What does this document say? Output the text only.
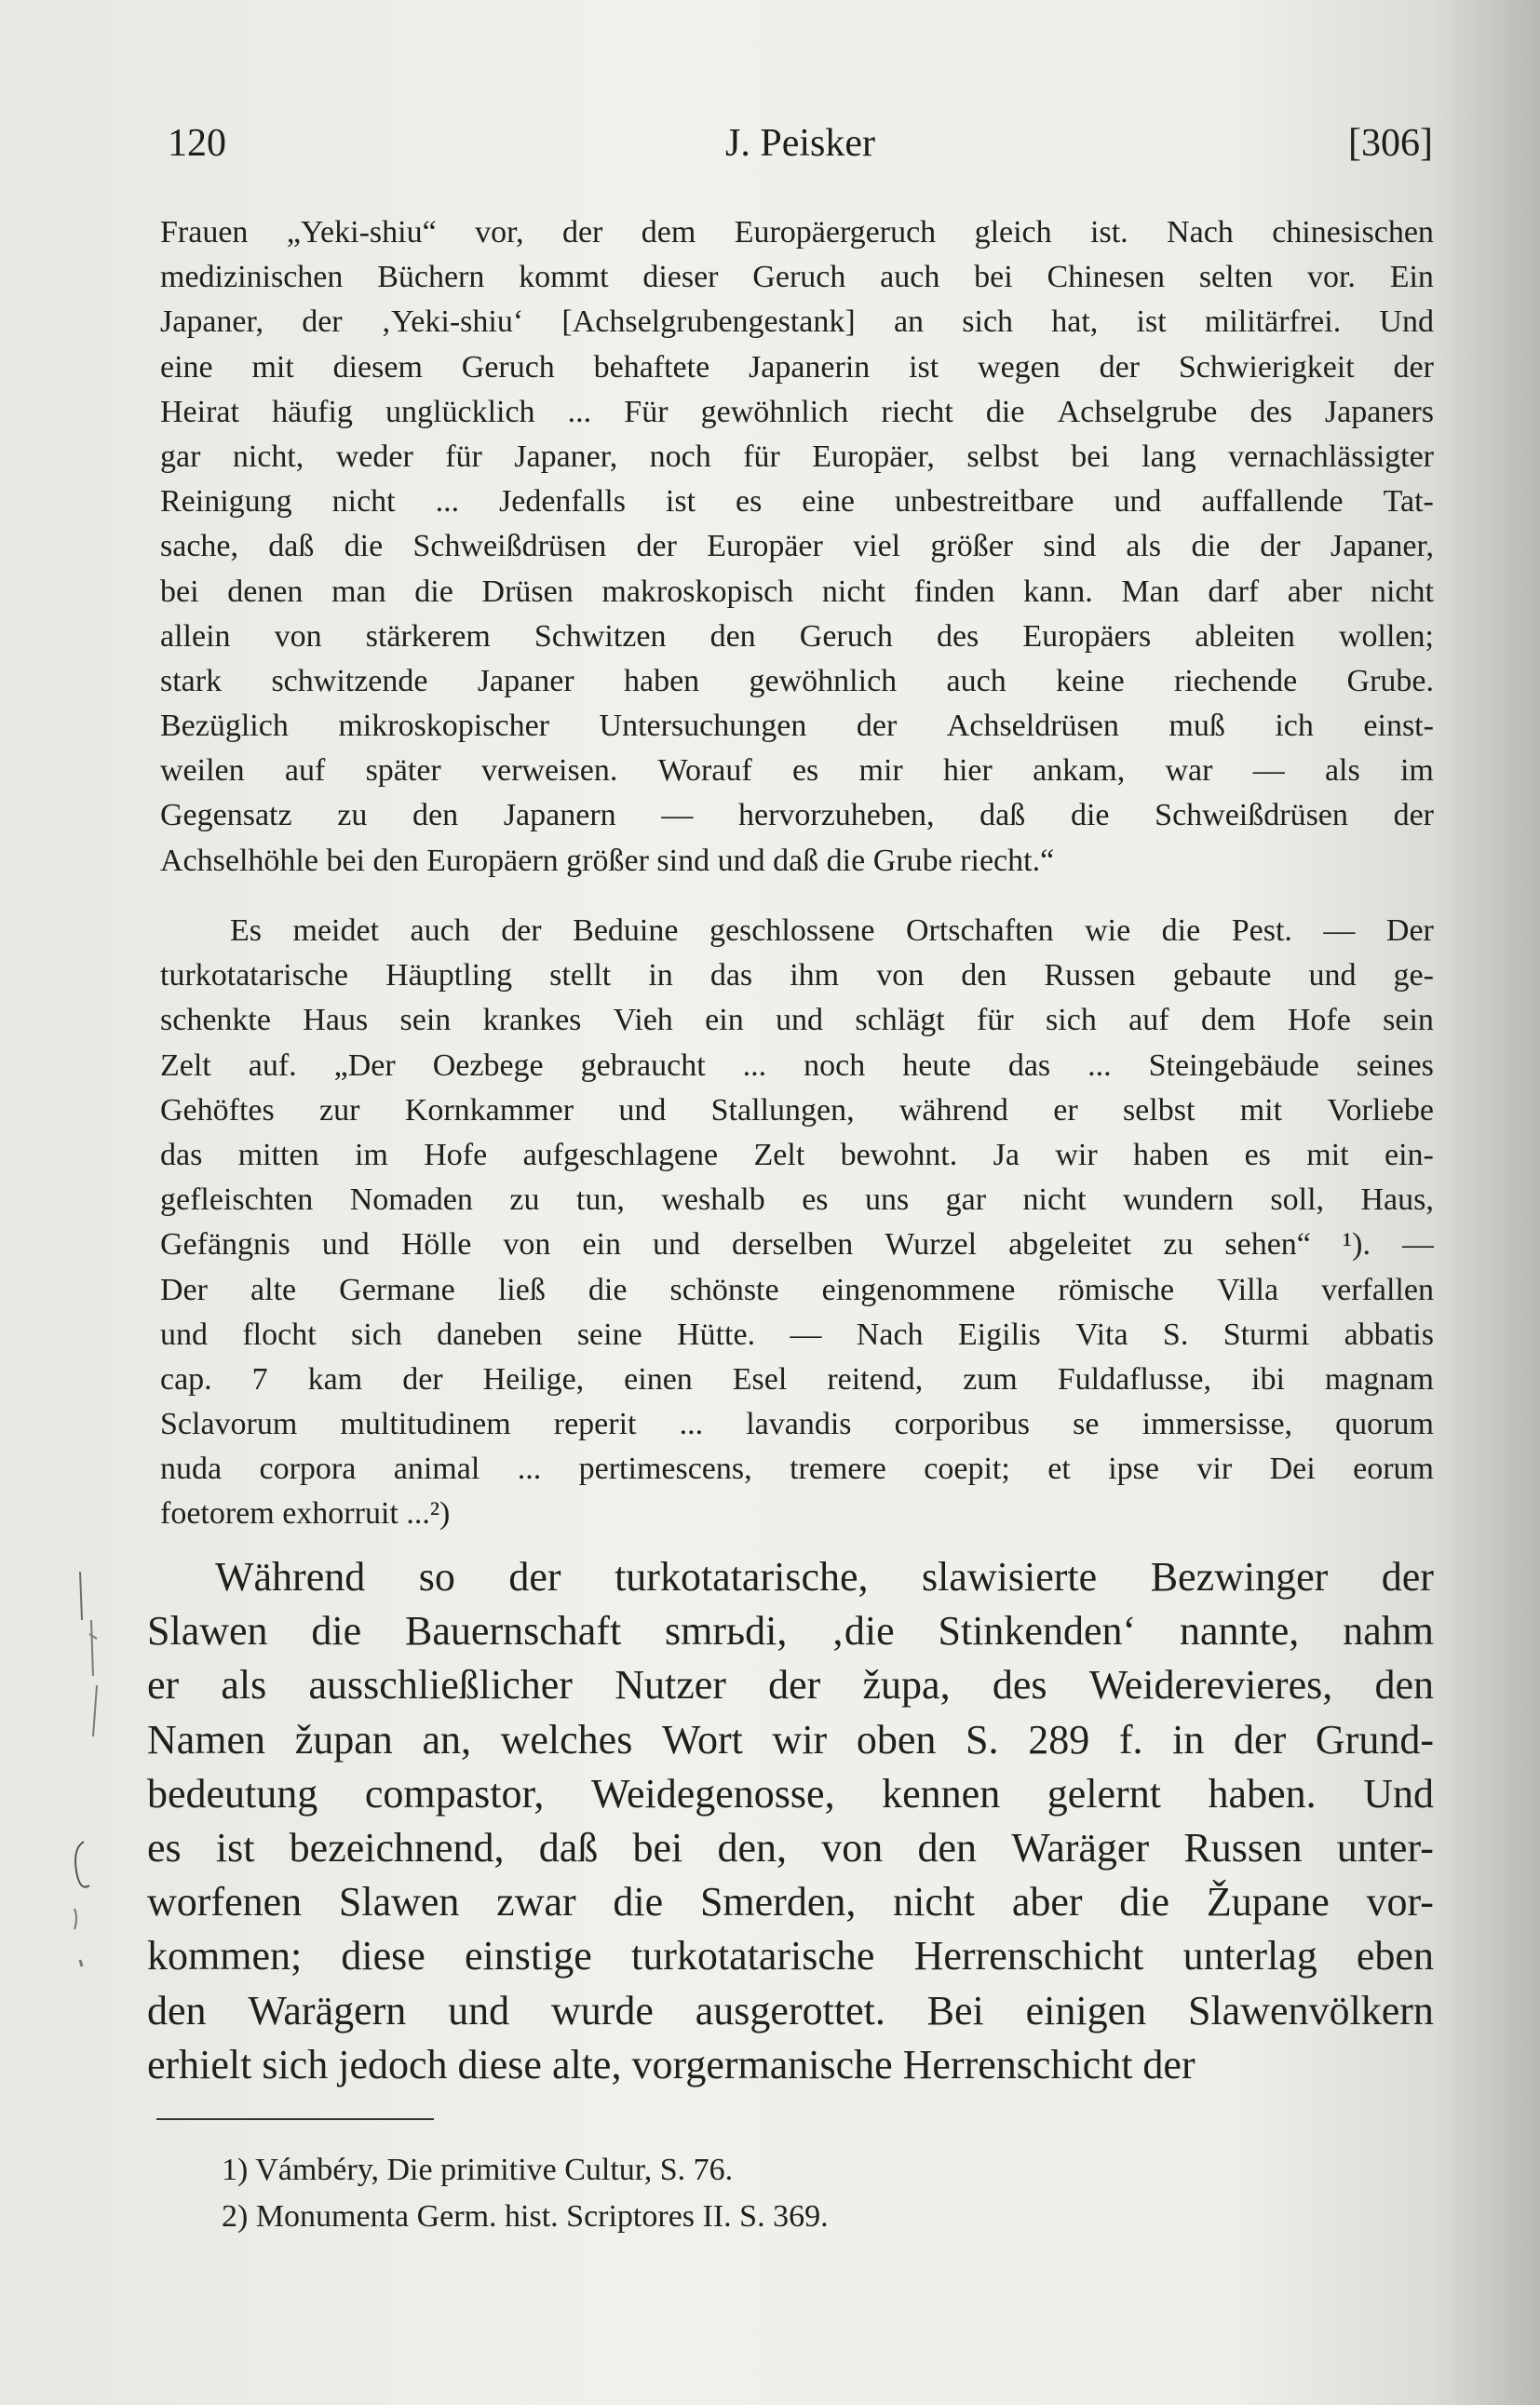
120	J. Peisker	[306]
Frauen „Yeki-shiu“ vor, der dem Europäergeruch gleich ist. Nach chinesischen
medizinischen Büchern kommt dieser Geruch auch bei Chinesen selten vor. Ein
Japaner, der ‚Yeki-shiu‘ [Achselgrubengestank] an sich hat, ist militärfrei. Und
eine mit diesem Geruch behaftete Japanerin ist wegen der Schwierigkeit der
Heirat häufig unglücklich ... Für gewöhnlich riecht die Achselgrube des Japaners
gar nicht, weder für Japaner, noch für Europäer, selbst bei lang vernachlässigter
Reinigung nicht ... Jedenfalls ist es eine unbestreitbare und auffallende Tat-
sache, daß die Schweißdrüsen der Europäer viel größer sind als die der Japaner,
bei denen man die Drüsen makroskopisch nicht finden kann. Man darf aber nicht
allein von stärkerem Schwitzen den Geruch des Europäers ableiten wollen;
stark schwitzende Japaner haben gewöhnlich auch keine riechende Grube.
Bezüglich mikroskopischer Untersuchungen der Achseldrüsen muß ich einst-
weilen auf später verweisen. Worauf es mir hier ankam, war — als im
Gegensatz zu den Japanern — hervorzuheben, daß die Schweißdrüsen der
Achselhöhle bei den Europäern größer sind und daß die Grube riecht.“
Es meidet auch der Beduine geschlossene Ortschaften wie die Pest. — Der
turkotatarische Häuptling stellt in das ihm von den Russen gebaute und ge-
schenkte Haus sein krankes Vieh ein und schlägt für sich auf dem Hofe sein
Zelt auf. „Der Oezbege gebraucht ... noch heute das ... Steingebäude seines
Gehöftes zur Kornkammer und Stallungen, während er selbst mit Vorliebe
das mitten im Hofe aufgeschlagene Zelt bewohnt. Ja wir haben es mit ein-
gefleischten Nomaden zu tun, weshalb es uns gar nicht wundern soll, Haus,
Gefängnis und Hölle von ein und derselben Wurzel abgeleitet zu sehen“ ¹). —
Der alte Germane ließ die schönste eingenommene römische Villa verfallen
und flocht sich daneben seine Hütte. — Nach Eigilis Vita S. Sturmi abbatis
cap. 7 kam der Heilige, einen Esel reitend, zum Fuldaflusse, ibi magnam
Sclavorum multitudinem reperit ... lavandis corporibus se immersisse, quorum
nuda corpora animal ... pertimescens, tremere coepit; et ipse vir Dei eorum
foetorem exhorruit ...²)
Während so der turkotatarische, slawisierte Bezwinger der
Slawen die Bauernschaft smrьdi, ‚die Stinkenden‘ nannte, nahm
er als ausschließlicher Nutzer der župa, des Weiderevieres, den
Namen župan an, welches Wort wir oben S. 289 f. in der Grund-
bedeutung compastor, Weidegenosse, kennen gelernt haben. Und
es ist bezeichnend, daß bei den, von den Waräger Russen unter-
worfenen Slawen zwar die Smerden, nicht aber die Župane vor-
kommen; diese einstige turkotatarische Herrenschicht unterlag eben
den Warägern und wurde ausgerottet. Bei einigen Slawenvölkern
erhielt sich jedoch diese alte, vorgermanische Herrenschicht der
1) Vámbéry, Die primitive Cultur, S. 76.
2) Monumenta Germ. hist. Scriptores II. S. 369.
